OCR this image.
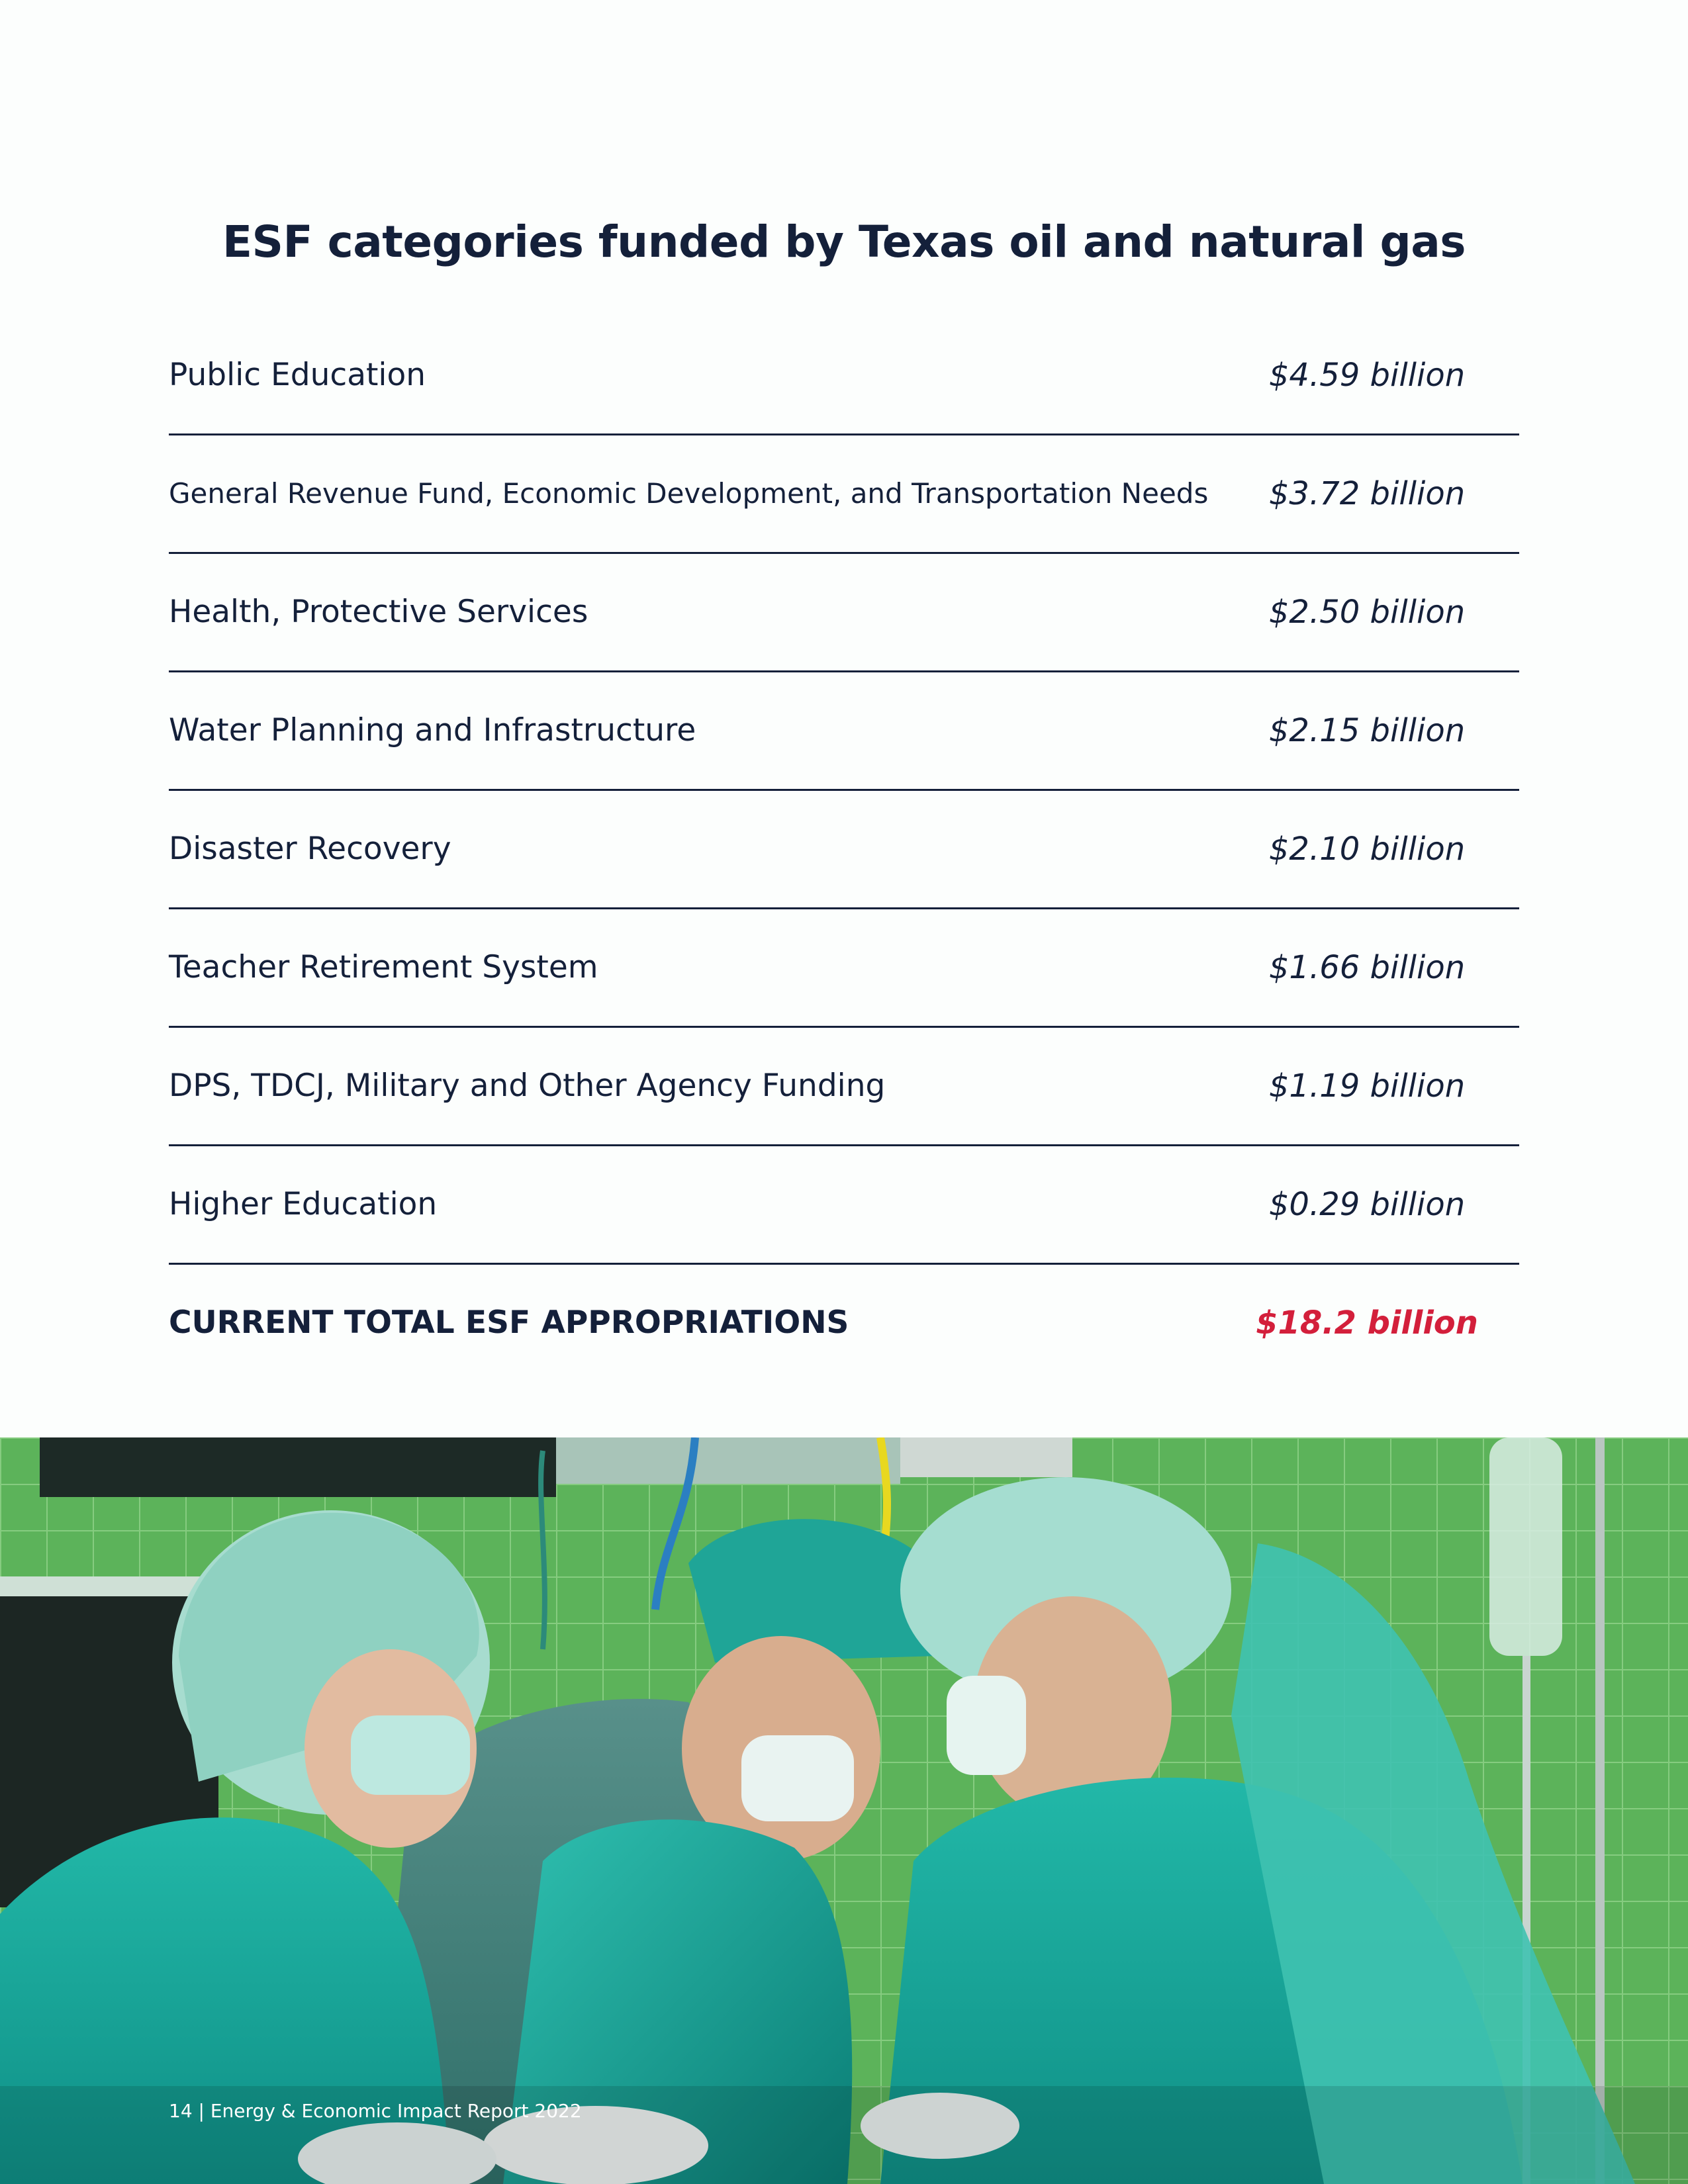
ESF categories funded by Texas oil and natural gas
Public Education	$4.59 billion
General Revenue Fund, Economic Development, and Transportation Needs	$3.72 billion
Health, Protective Services	$2.50 billion
Water Planning and Infrastructure	$2.15 billion
Disaster Recovery	$2.10 billion
Teacher Retirement System	$1.66 billion
DPS, TDCJ, Military and Other Agency Funding	$1.19 billion
Higher Education	$0.29 billion
CURRENT TOTAL ESF APPROPRIATIONS	$18.2 billion
14 | Energy & Economic Impact Report 2022
